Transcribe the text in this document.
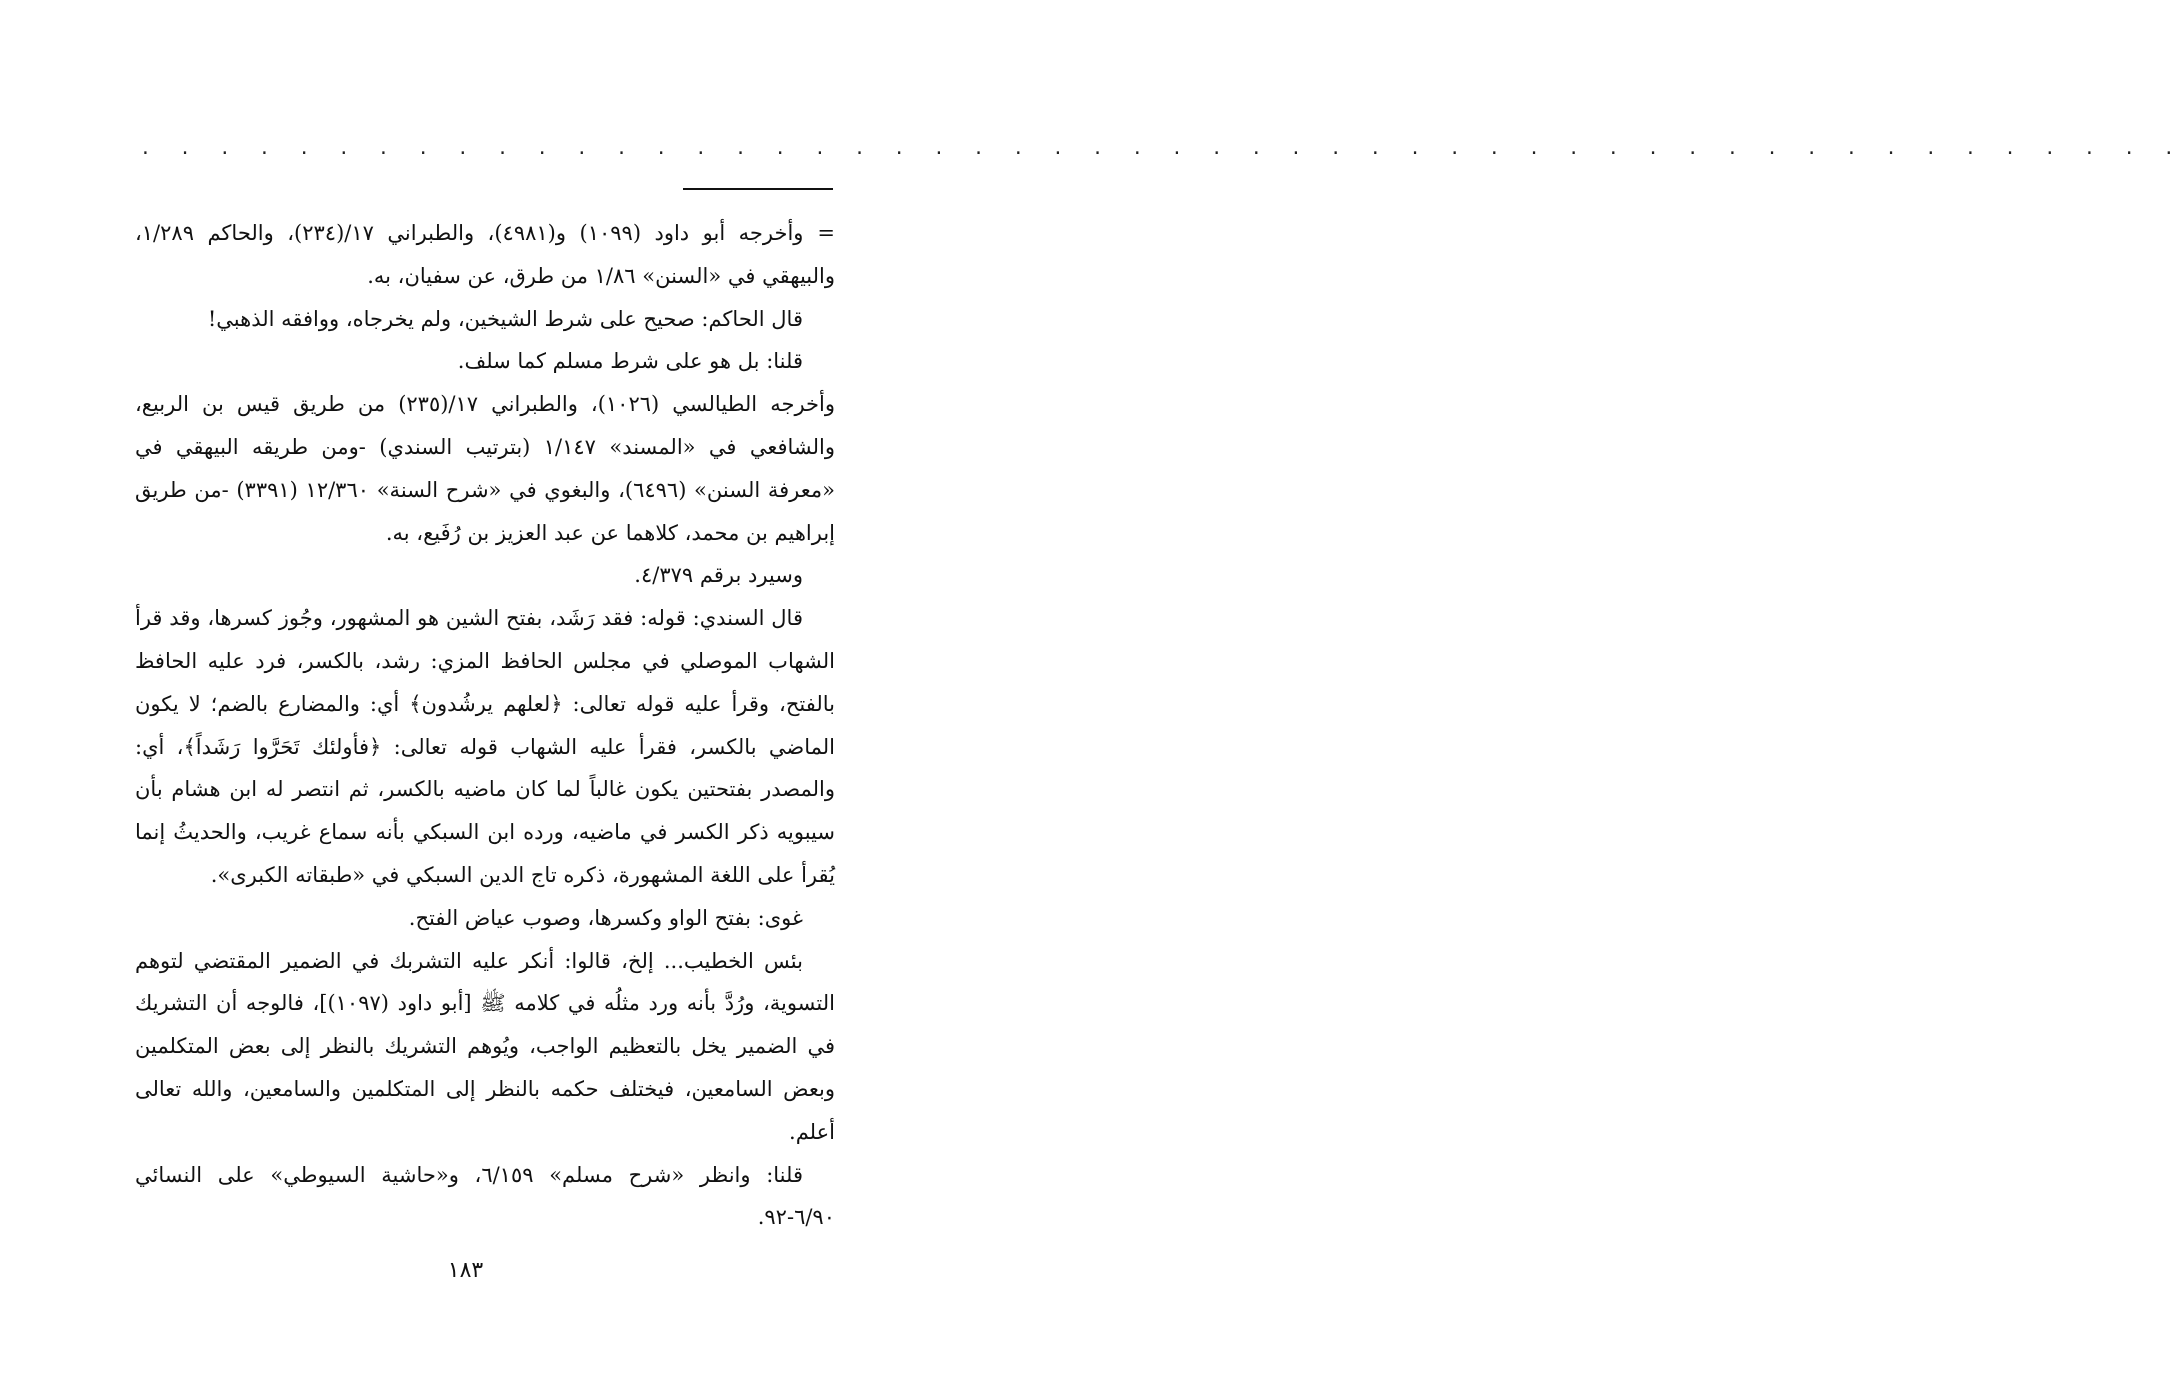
. . . . . . . . . . . . . . . . . . . . . . . . . . . . . . . . . . . . . . . . . . . . . . . . . . . .

=وأخرجه أبو داود (١٠٩٩) و(٤٩٨١)، والطبراني ١٧/(٢٣٤)، والحاكم ١/٢٨٩، والبيهقي في «السنن» ١/٨٦ من طرق، عن سفيان، به.

قال الحاكم: صحيح على شرط الشيخين، ولم يخرجاه، ووافقه الذهبي!

قلنا: بل هو على شرط مسلم كما سلف.

وأخرجه الطيالسي (١٠٢٦)، والطبراني ١٧/(٢٣٥) من طريق قيس بن الربيع، والشافعي في «المسند» ١/١٤٧ (بترتيب السندي) -ومن طريقه البيهقي في «معرفة السنن» (٦٤٩٦)، والبغوي في «شرح السنة» ١٢/٣٦٠ (٣٣٩١) -من طريق إبراهيم بن محمد، كلاهما عن عبد العزيز بن رُفَيع، به.

وسيرد برقم ٤/٣٧٩.

قال السندي: قوله: فقد رَشَد، بفتح الشين هو المشهور، وجُوز كسرها، وقد قرأ الشهاب الموصلي في مجلس الحافظ المزي: رشد، بالكسر، فرد عليه الحافظ بالفتح، وقرأ عليه قوله تعالى: ﴿لعلهم يرشُدون﴾ أي: والمضارع بالضم؛ لا يكون الماضي بالكسر، فقرأ عليه الشهاب قوله تعالى: ﴿فأولئك تَحَرَّوا رَشَداً﴾، أي: والمصدر بفتحتين يكون غالباً لما كان ماضيه بالكسر، ثم انتصر له ابن هشام بأن سيبويه ذكر الكسر في ماضيه، ورده ابن السبكي بأنه سماع غريب، والحديثُ إنما يُقرأ على اللغة المشهورة، ذكره تاج الدين السبكي في «طبقاته الكبرى».

غوى: بفتح الواو وكسرها، وصوب عياض الفتح.

بئس الخطيب... إلخ، قالوا: أنكر عليه التشربك في الضمير المقتضي لتوهم التسوية، ورُدَّ بأنه ورد مثلُه في كلامه ﷺ [أبو داود (١٠٩٧)]، فالوجه أن التشريك في الضمير يخل بالتعظيم الواجب، ويُوهم التشريك بالنظر إلى بعض المتكلمين وبعض السامعين، فيختلف حكمه بالنظر إلى المتكلمين والسامعين، والله تعالى أعلم.

قلنا: وانظر «شرح مسلم» ٦/١٥٩، و«حاشية السيوطي» على النسائي ٦/٩٠-٩٢.

١٨٣
